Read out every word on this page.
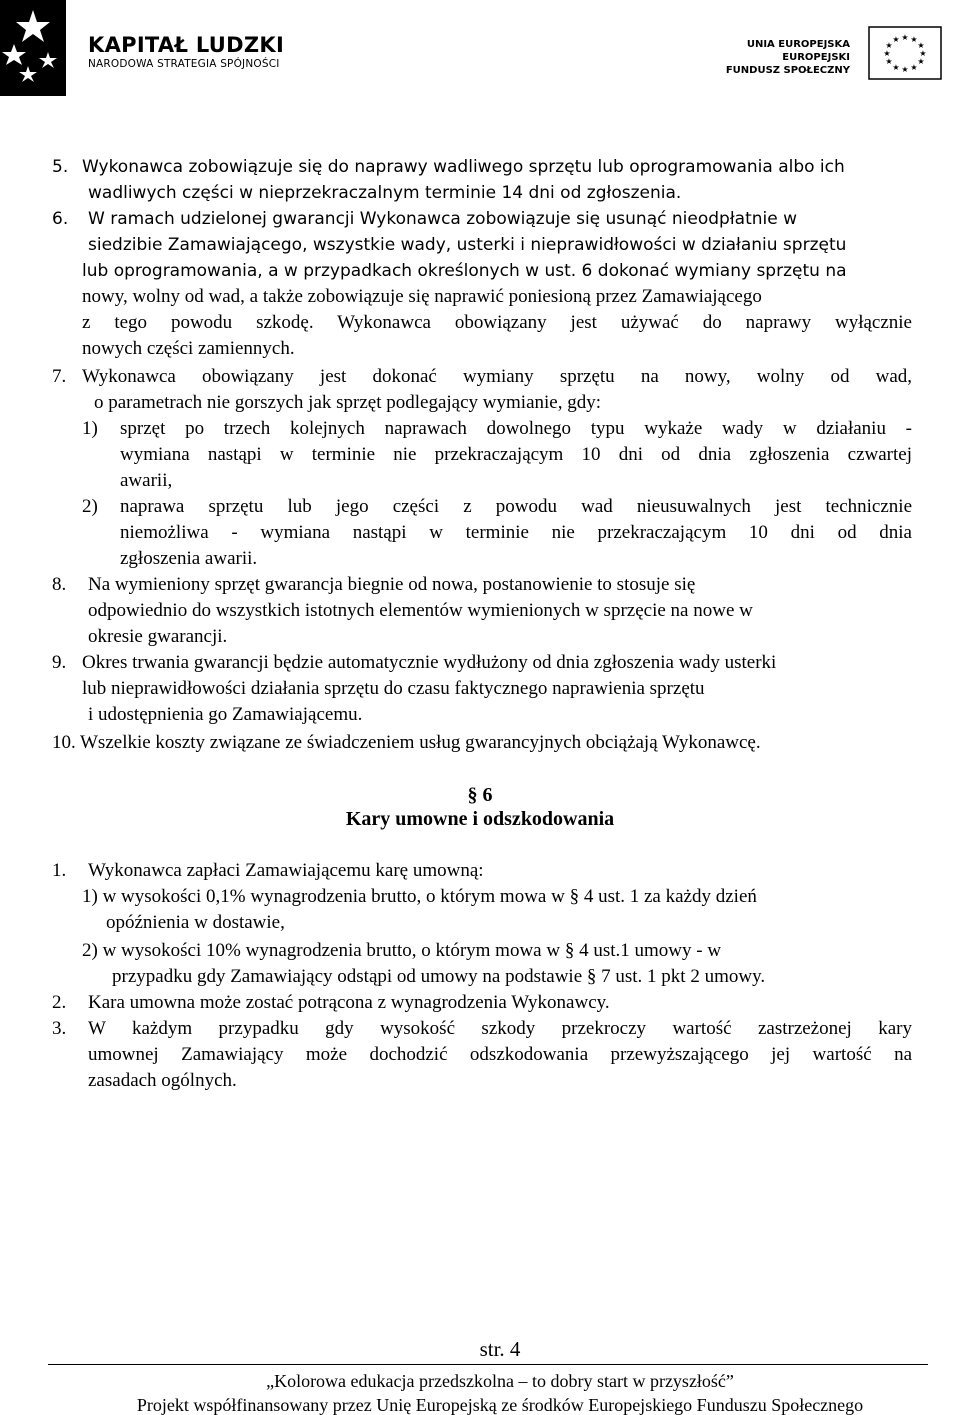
KAPITAŁ LUDZKI
NARODOWA STRATEGIA SPÓJNOŚCI
UNIA EUROPEJSKA
EUROPEJSKI
FUNDUSZ SPOŁECZNY
★ ★
★
★
★
★
★
★
★
★
★
★
5. Wykonawca zobowiązuje się do naprawy wadliwego sprzętu lub oprogramowania albo ich
wadliwych części w nieprzekraczalnym terminie 14 dni od zgłoszenia.
6. W ramach udzielonej gwarancji Wykonawca zobowiązuje się usunąć nieodpłatnie w
siedzibie Zamawiającego, wszystkie wady, usterki i nieprawidłowości w działaniu sprzętu
lub oprogramowania, a w przypadkach określonych w ust. 6 dokonać wymiany sprzętu na
nowy, wolny od wad, a także zobowiązuje się naprawić poniesioną przez Zamawiającego
z tego powodu szkodę. Wykonawca obowiązany jest używać do naprawy wyłącznie
nowych części zamiennych.
7. Wykonawca obowiązany jest dokonać wymiany sprzętu na nowy, wolny od wad,
o parametrach nie gorszych jak sprzęt podlegający wymianie, gdy:
1) sprzęt po trzech kolejnych naprawach dowolnego typu wykaże wady w działaniu -
wymiana nastąpi w terminie nie przekraczającym 10 dni od dnia zgłoszenia czwartej
awarii,
2) naprawa sprzętu lub jego części z powodu wad nieusuwalnych jest technicznie
niemożliwa - wymiana nastąpi w terminie nie przekraczającym 10 dni od dnia
zgłoszenia awarii.
8. Na wymieniony sprzęt gwarancja biegnie od nowa, postanowienie to stosuje się
odpowiednio do wszystkich istotnych elementów wymienionych w sprzęcie na nowe w
okresie gwarancji.
9. Okres trwania gwarancji będzie automatycznie wydłużony od dnia zgłoszenia wady usterki
lub nieprawidłowości działania sprzętu do czasu faktycznego naprawienia sprzętu
i udostępnienia go Zamawiającemu.
10. Wszelkie koszty związane ze świadczeniem usług gwarancyjnych obciążają Wykonawcę.
§ 6
Kary umowne i odszkodowania
1. Wykonawca zapłaci Zamawiającemu karę umowną:
1) w wysokości 0,1% wynagrodzenia brutto, o którym mowa w § 4 ust. 1 za każdy dzień
opóźnienia w dostawie,
2) w wysokości 10% wynagrodzenia brutto, o którym mowa w § 4 ust.1 umowy - w
przypadku gdy Zamawiający odstąpi od umowy na podstawie § 7 ust. 1 pkt 2 umowy.
2. Kara umowna może zostać potrącona z wynagrodzenia Wykonawcy.
3. W każdym przypadku gdy wysokość szkody przekroczy wartość zastrzeżonej kary
umownej Zamawiający może dochodzić odszkodowania przewyższającego jej wartość na
zasadach ogólnych.
str. 4
„Kolorowa edukacja przedszkolna – to dobry start w przyszłość”
Projekt współfinansowany przez Unię Europejską ze środków Europejskiego Funduszu Społecznego
